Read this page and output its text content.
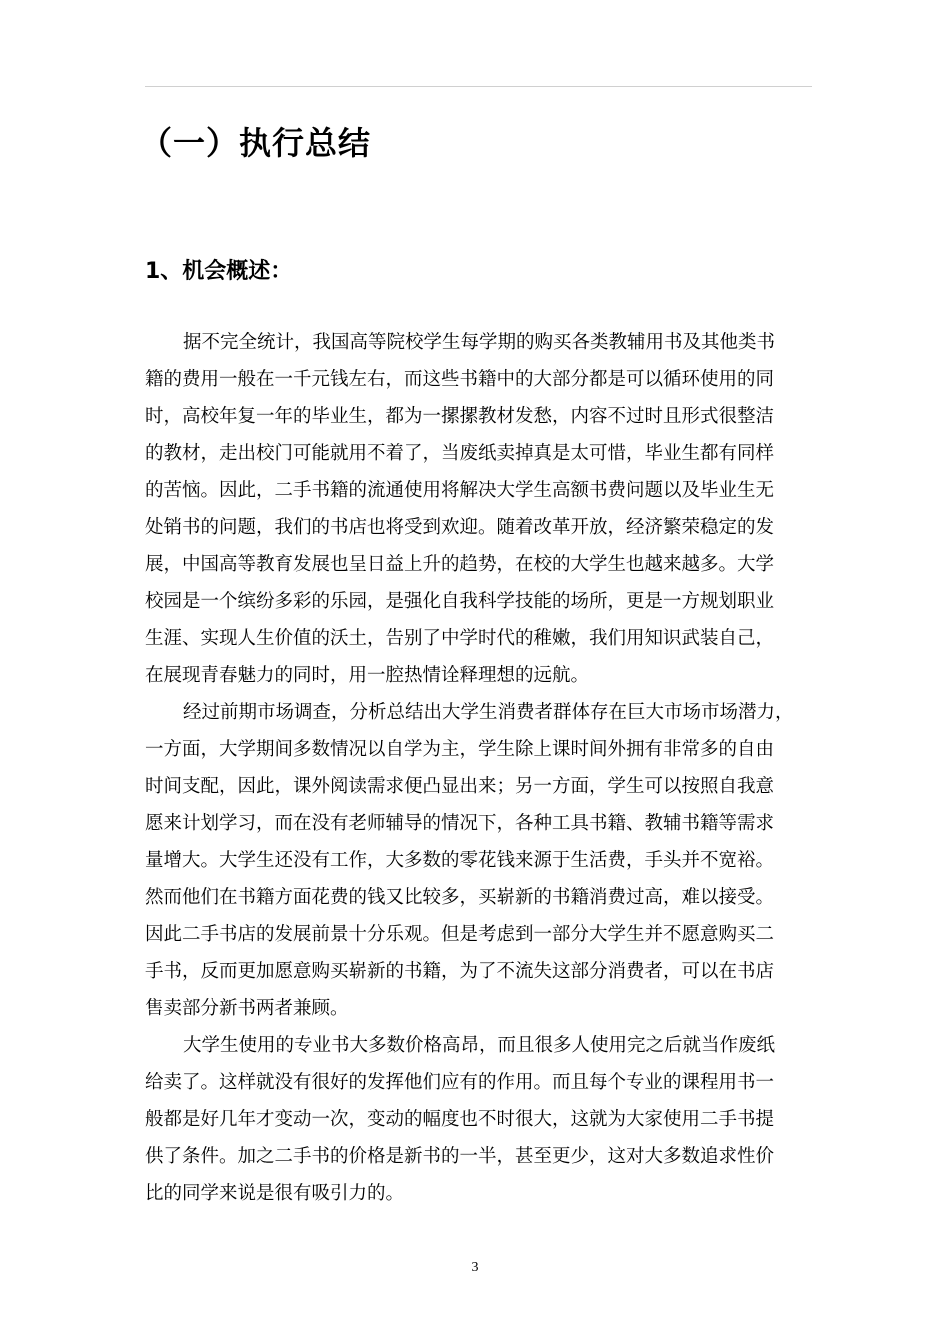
（一）执行总结
1、机会概述：
据不完全统计，我国高等院校学生每学期的购买各类教辅用书及其他类书
籍的费用一般在一千元钱左右，而这些书籍中的大部分都是可以循环使用的同
时，高校年复一年的毕业生，都为一摞摞教材发愁，内容不过时且形式很整洁
的教材，走出校门可能就用不着了，当废纸卖掉真是太可惜，毕业生都有同样
的苦恼。因此，二手书籍的流通使用将解决大学生高额书费问题以及毕业生无
处销书的问题，我们的书店也将受到欢迎。随着改革开放，经济繁荣稳定的发
展，中国高等教育发展也呈日益上升的趋势，在校的大学生也越来越多。大学
校园是一个缤纷多彩的乐园，是强化自我科学技能的场所，更是一方规划职业
生涯、实现人生价值的沃土，告别了中学时代的稚嫩，我们用知识武装自己，
在展现青春魅力的同时，用一腔热情诠释理想的远航。
经过前期市场调查，分析总结出大学生消费者群体存在巨大市场市场潜力，
一方面，大学期间多数情况以自学为主，学生除上课时间外拥有非常多的自由
时间支配，因此，课外阅读需求便凸显出来；另一方面，学生可以按照自我意
愿来计划学习，而在没有老师辅导的情况下，各种工具书籍、教辅书籍等需求
量增大。大学生还没有工作，大多数的零花钱来源于生活费，手头并不宽裕。
然而他们在书籍方面花费的钱又比较多，买崭新的书籍消费过高，难以接受。
因此二手书店的发展前景十分乐观。但是考虑到一部分大学生并不愿意购买二
手书，反而更加愿意购买崭新的书籍，为了不流失这部分消费者，可以在书店
售卖部分新书两者兼顾。
大学生使用的专业书大多数价格高昂，而且很多人使用完之后就当作废纸
给卖了。这样就没有很好的发挥他们应有的作用。而且每个专业的课程用书一
般都是好几年才变动一次，变动的幅度也不时很大，这就为大家使用二手书提
供了条件。加之二手书的价格是新书的一半，甚至更少，这对大多数追求性价
比的同学来说是很有吸引力的。
3
